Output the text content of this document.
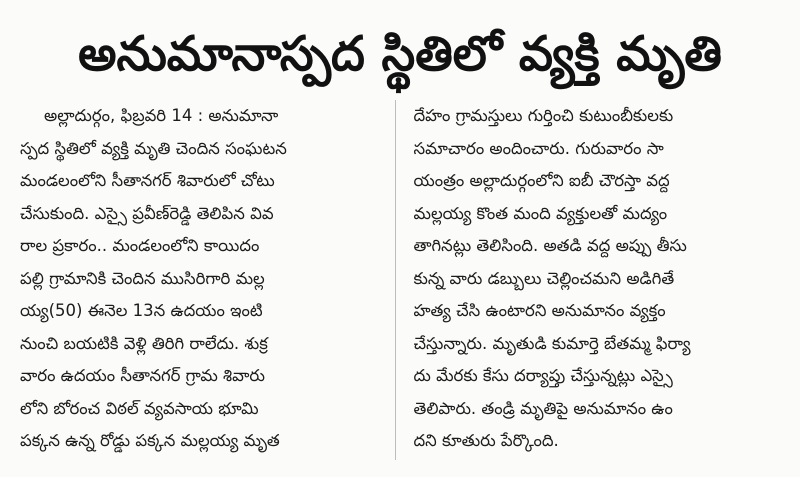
అనుమానాస్పద స్థితిలో వ్యక్తి మృతి
అల్లాదుర్గం, ఫిబ్రవరి 14 : అనుమానా
స్పద స్థితిలో వ్యక్తి మృతి చెందిన సంఘటన
మండలంలోని సీతానగర్ శివారులో చోటు
చేసుకుంది. ఎస్సై ప్రవీణ్‌రెడ్డి తెలిపిన వివ
రాల ప్రకారం.. మండలంలోని కాయిదం
పల్లి గ్రామానికి చెందిన ముసిరిగారి మల్ల
య్య(50) ఈనెల 13న ఉదయం ఇంటి
నుంచి బయటికి వెళ్లి తిరిగి రాలేదు. శుక్ర
వారం ఉదయం సీతానగర్ గ్రామ శివారు
లోని బోరంచ విఠల్ వ్యవసాయ భూమి
పక్కన ఉన్న రోడ్డు పక్కన మల్లయ్య మృత
దేహం గ్రామస్తులు గుర్తించి కుటుంబీకులకు
సమాచారం అందించారు. గురువారం సా
యంత్రం అల్లాదుర్గంలోని ఐబీ చౌరస్తా వద్ద
మల్లయ్య కొంత మంది వ్యక్తులతో మద్యం
తాగినట్లు తెలిసింది. అతడి వద్ద అప్పు తీసు
కున్న వారు డబ్బులు చెల్లించమని అడిగితే
హత్య చేసి ఉంటారని అనుమానం వ్యక్తం
చేస్తున్నారు. మృతుడి కుమార్తె బేతమ్మ ఫిర్యా
దు మేరకు కేసు దర్యాప్తు చేస్తున్నట్లు ఎస్సై
తెలిపారు. తండ్రి మృతిపై అనుమానం ఉం
దని కూతురు పేర్కొంది.
